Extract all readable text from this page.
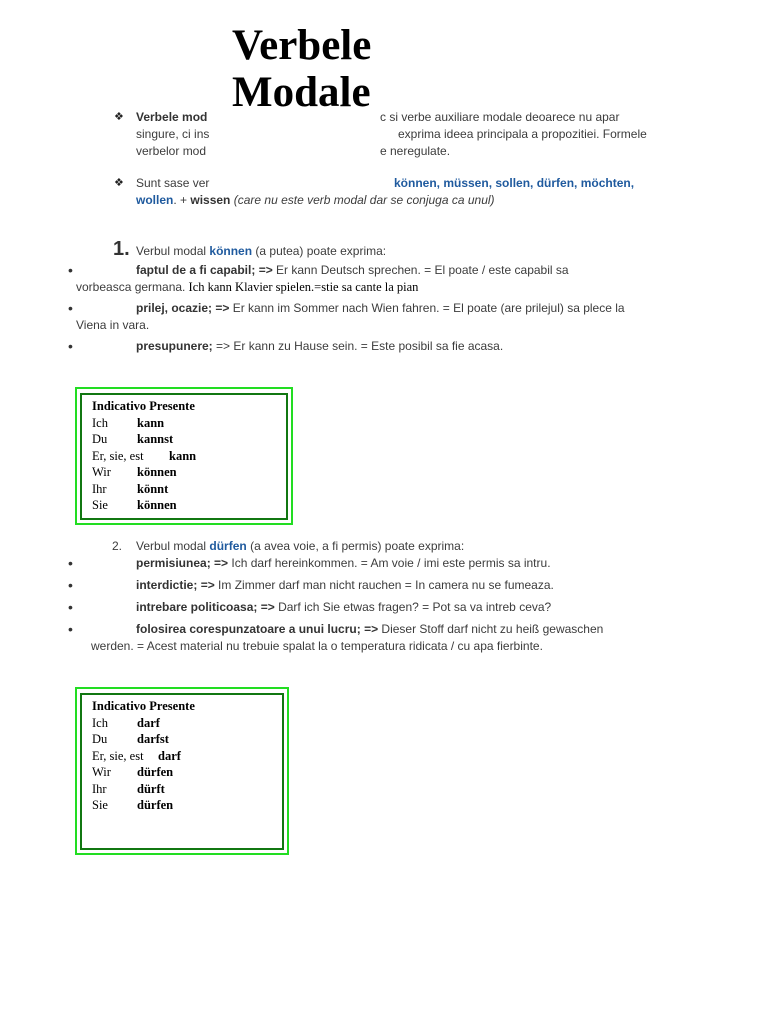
Verbele
Modale
❖ Verbele mod	c si verbe auxiliare modale deoarece nu apar
singure, ci ins	exprima ideea principala a propozitiei. Formele
verbelor mod	e neregulate.
❖ Sunt sase ver	können, müssen, sollen, dürfen, möchten,
wollen. + wissen (care nu este verb modal dar se conjuga ca unul)
1. Verbul modal können (a putea) poate exprima:
•	faptul de a fi capabil; => Er kann Deutsch sprechen. = El poate / este capabil sa
vorbeasca germana. Ich kann Klavier spielen.=stie sa cante la pian
•	prilej, ocazie; => Er kann im Sommer nach Wien fahren. = El poate (are prilejul) sa plece la
Viena in vara.
•	presupunere; => Er kann zu Hause sein. = Este posibil sa fie acasa.
Indicativo Presente
Ich kann
Du kannst
Er, sie, est kann
Wir können
Ihr könnt
Sie können
2. Verbul modal dürfen (a avea voie, a fi permis) poate exprima:
•	permisiunea; => Ich darf hereinkommen. = Am voie / imi este permis sa intru.
•	interdictie; => Im Zimmer darf man nicht rauchen = In camera nu se fumeaza.
•	intrebare politicoasa; => Darf ich Sie etwas fragen? = Pot sa va intreb ceva?
•	folosirea corespunzatoare a unui lucru; => Dieser Stoff darf nicht zu heiß gewaschen
werden. = Acest material nu trebuie spalat la o temperatura ridicata / cu apa fierbinte.
Indicativo Presente
Ich darf
Du darfst
Er, sie, est darf
Wir dürfen
Ihr dürft
Sie dürfen
